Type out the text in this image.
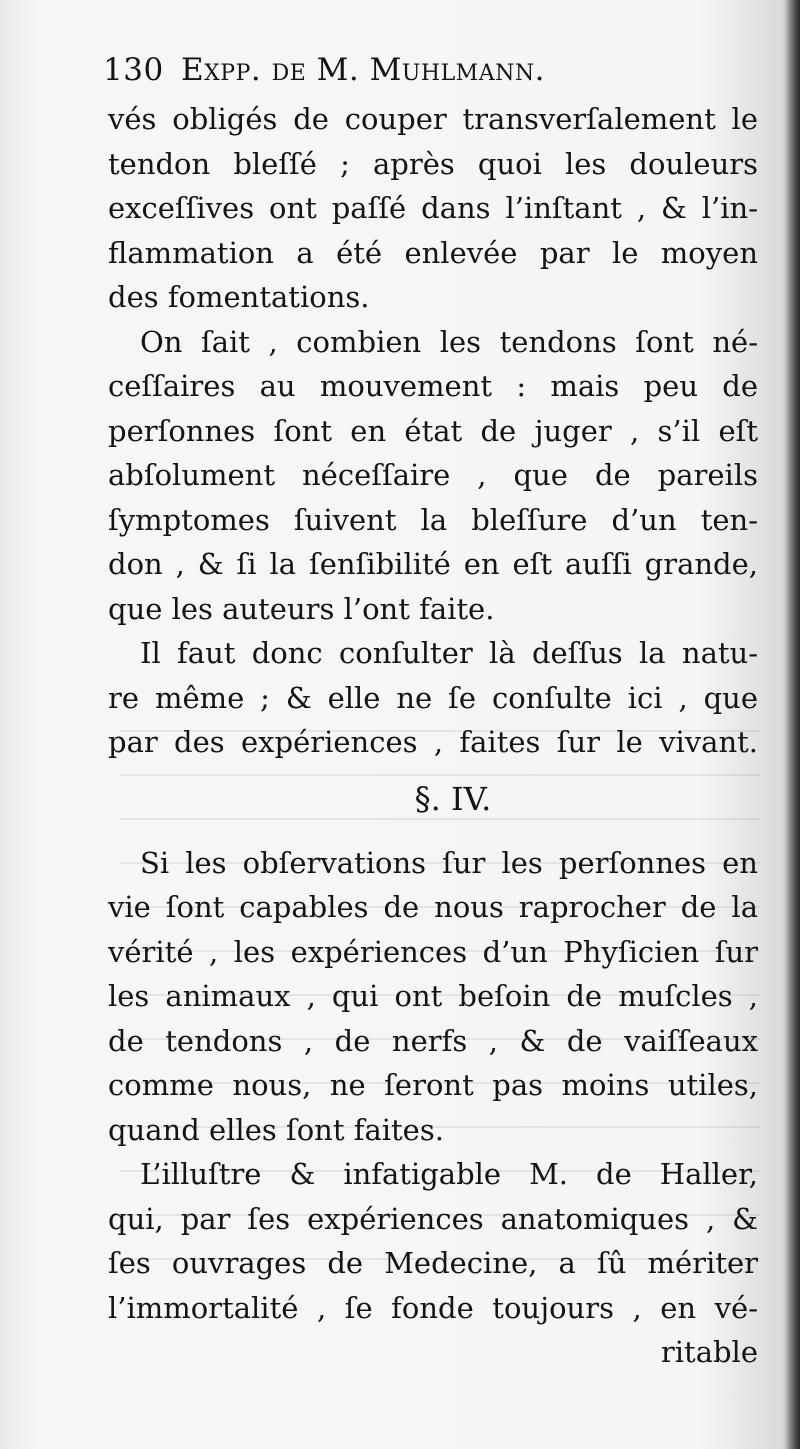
130 Expp. de M. Muhlmann.
vés obligés de couper transverſalement le
tendon bleſſé ; après quoi les douleurs
exceſſives ont paſſé dans l’inſtant , & l’in-
flammation a été enlevée par le moyen
des fomentations.
On ſait , combien les tendons ſont né-
ceſſaires au mouvement : mais peu de
perſonnes ſont en état de juger , s’il eſt
abſolument néceſſaire , que de pareils
ſymptomes ſuivent la bleſſure d’un ten-
don , & ſi la ſenſibilité en eſt auſſi grande,
que les auteurs l’ont faite.
Il faut donc conſulter là deſſus la natu-
re même ; & elle ne ſe conſulte ici , que
par des expériences , faites ſur le vivant.
§. IV.
Si les obſervations ſur les perſonnes en
vie ſont capables de nous raprocher de la
vérité , les expériences d’un Phyſicien ſur
les animaux , qui ont beſoin de muſcles ,
de tendons , de nerfs , & de vaiſſeaux
comme nous, ne ſeront pas moins utiles,
quand elles ſont faites.
L’illuſtre & infatigable M. de Haller,
qui, par ſes expériences anatomiques , &
ſes ouvrages de Medecine, a ſû mériter
l’immortalité , ſe fonde toujours , en vé-
ritable
